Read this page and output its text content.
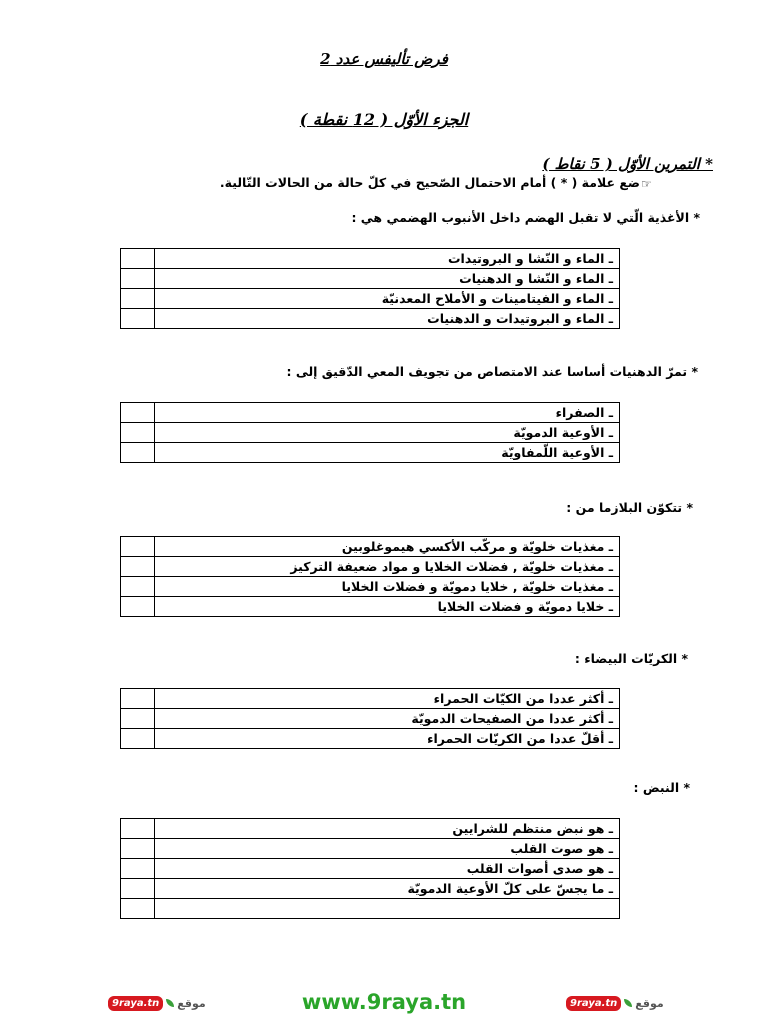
فرض تأليفس عدد 2
الجزء الأوّل ( 12 نقطة )
* التمرين الأوّل ( 5 نقاط )
ضع علامة ( * ) أمام الاحتمال الصّحيح في كلّ حالة من الحالات التّالية. ☞
* الأغذية الّتي لا تقبل الهضم داخل الأنبوب الهضمي هي :
ـ الماء و النّشا و البروتيدات	
ـ الماء و النّشا و الدهنيات	
ـ الماء و الفيتامينات و الأملاح المعدنيّة	
ـ الماء و البروتيدات و الدهنيات	
* تمرّ الدهنيات أساسا عند الامتصاص من تجويف المعي الدّقيق إلى :
ـ الصفراء	
ـ الأوعية الدمويّة	
ـ الأوعية اللّمفاويّة	
* تتكوّن البلازما من :
ـ مغذيات خلويّة و مركّب الأكسي هيموغلوبين	
ـ مغذيات خلويّة , فضلات الخلايا و مواد ضعيفة التركيز	
ـ مغذيات خلويّة , خلايا دمويّة و فضلات الخلايا	
ـ خلايا دمويّة و فضلات الخلايا	
* الكريّات البيضاء :
ـ أكثر عددا من الكيّات الحمراء	
ـ أكثر عددا من الصفيحات الدمويّة	
ـ أقلّ عددا من الكريّات الحمراء	
* النبض :
ـ هو نبض منتظم للشرايين	
ـ هو صوت القلب	
ـ هو صدى أصوات القلب	
ـ ما يجسّ على كلّ الأوعية الدمويّة	

9raya.tn	موقع	www.9raya.tn	9raya.tn	موقع
